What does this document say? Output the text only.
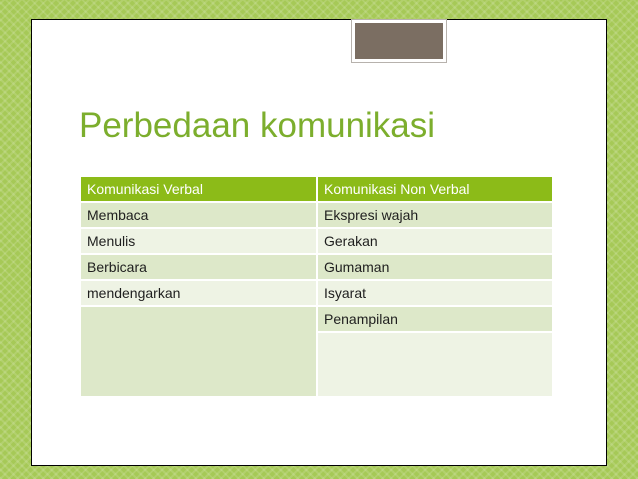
Perbedaan komunikasi
Komunikasi Verbal	Komunikasi Non Verbal
Membaca	Ekspresi wajah
Menulis	Gerakan
Berbicara	Gumaman
mendengarkan	Isyarat
	Penampilan
